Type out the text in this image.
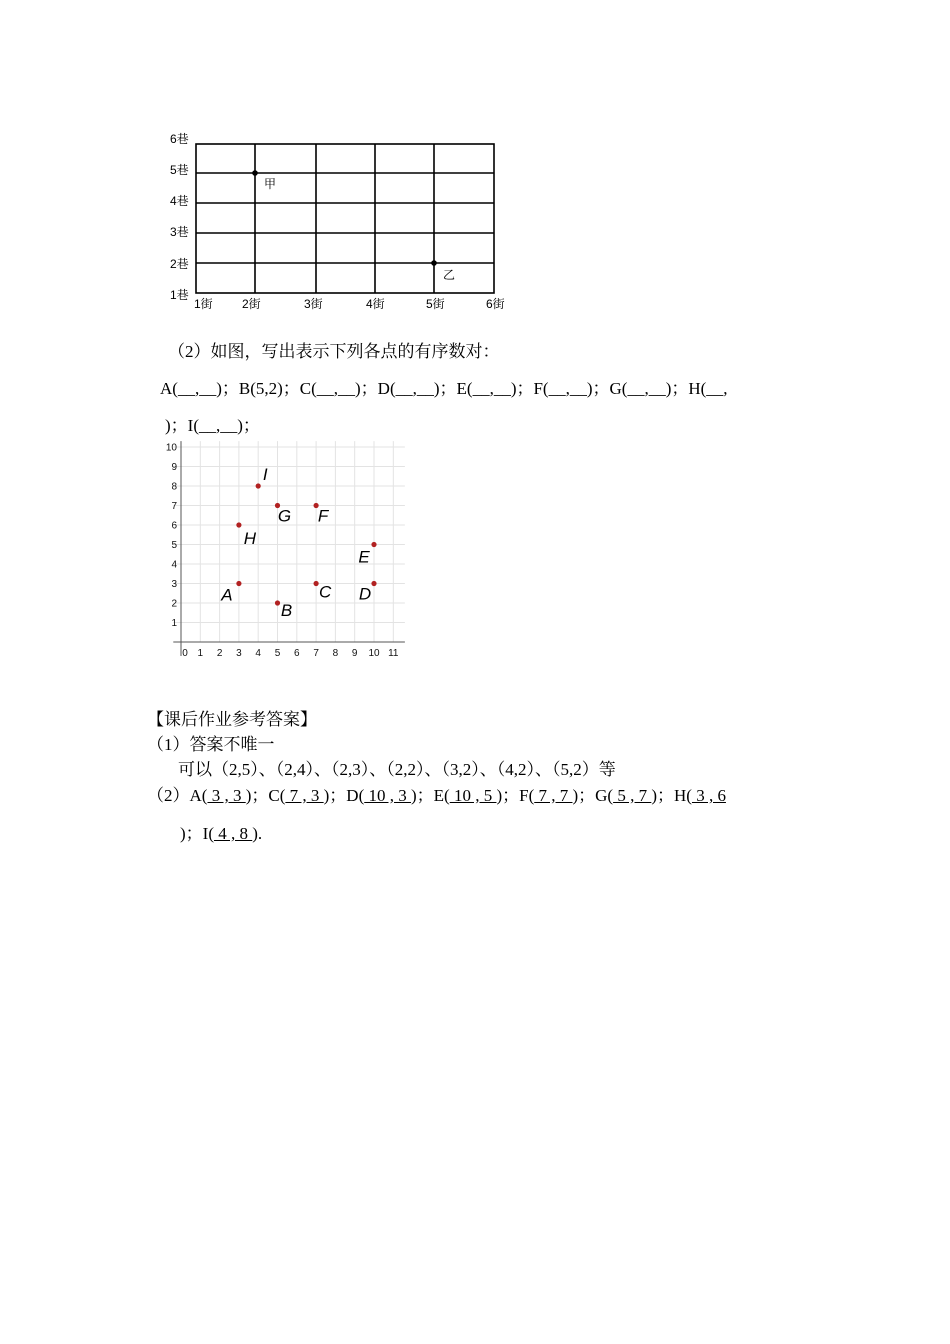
6巷
5巷
4巷
3巷
2巷
1巷
1街 2街	3街	4街	5街	6街
甲
乙
（2）如图，写出表示下列各点的有序数对：
A(__,__)；B(5,2)；C(__,__)；D(__,__)；E(__,__)；F(__,__)；G(__,__)；H(__,
)；I(__,__)；
0 1 2 3 4 5 6 7 8 9 10 11
1
2
3
4
5
6
7
8
9
10
A
B
C D
E
F
G
H
I
【课后作业参考答案】
（1）答案不唯一
可以（2,5）、（2,4）、（2,3）、（2,2）、（3,2）、（4,2）、（5,2）等
（2）A( 3 , 3 )；C( 7 , 3 )；D( 10 , 3 )；E( 10 , 5 )；F( 7 , 7 )；G( 5 , 7 )；H( 3 , 6
)；I( 4 , 8 ).
